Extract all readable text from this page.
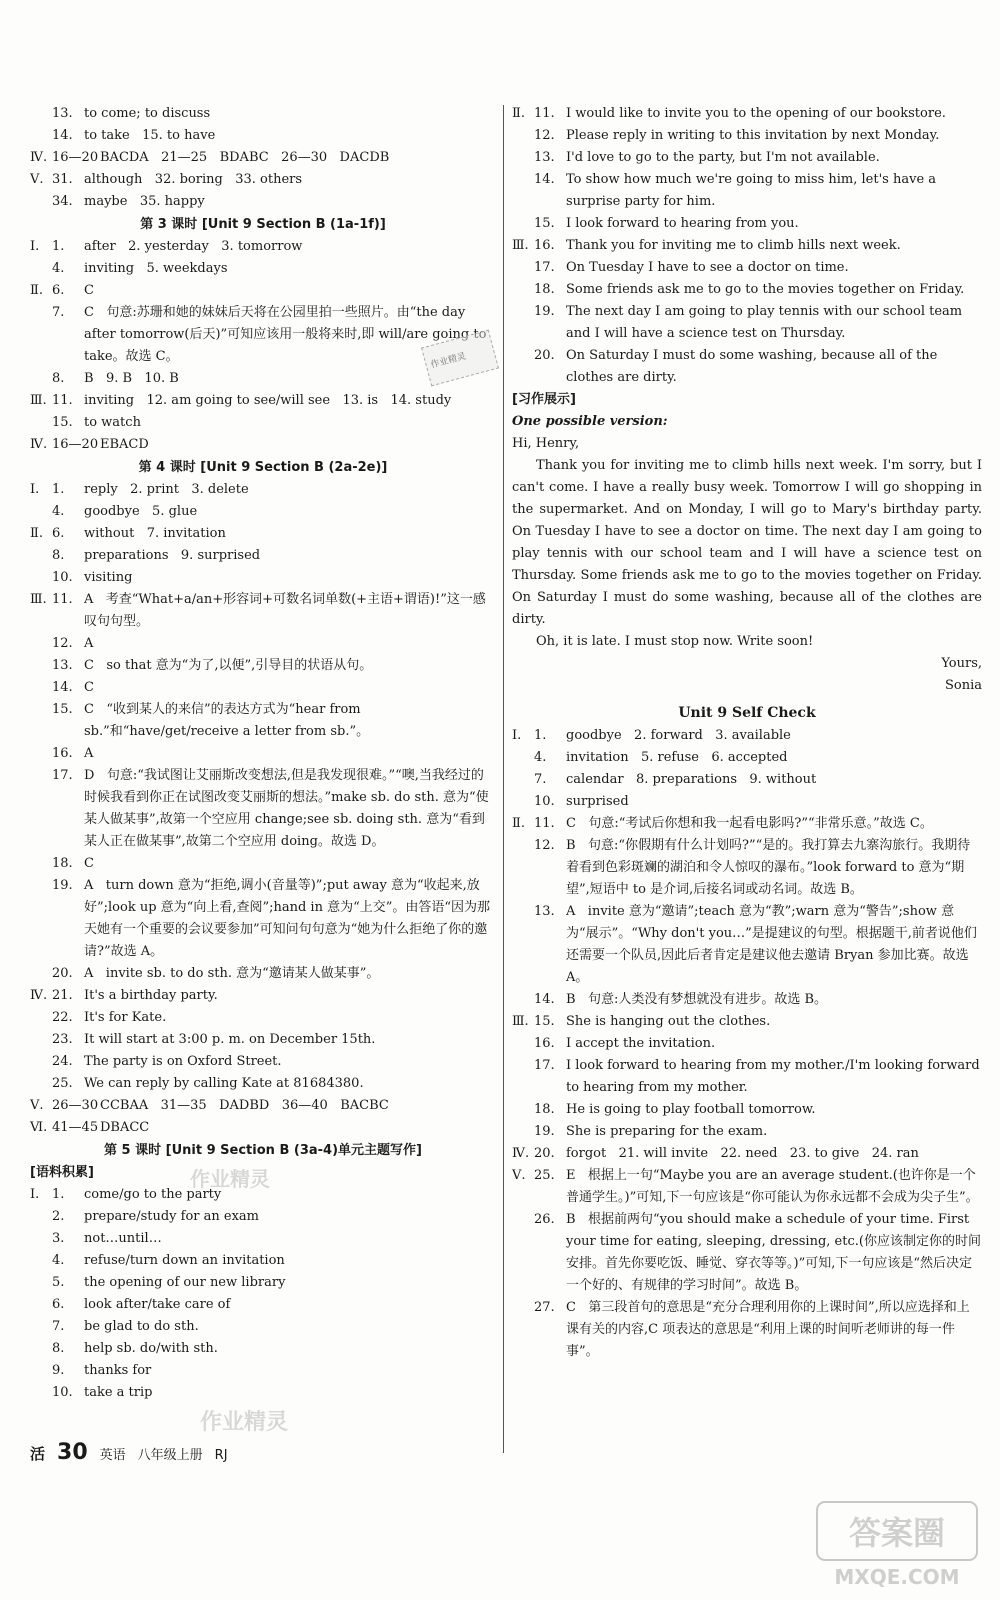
13. to come; to discuss
14. to take   15. to have
Ⅳ. 16—20 BACDA   21—25   BDABC   26—30   DACDB
Ⅴ. 31. although   32. boring   33. others
34. maybe   35. happy
第 3 课时 [Unit 9 Section B (1a-1f)]
Ⅰ. 1.	after   2. yesterday   3. tomorrow
4.	inviting   5. weekdays
Ⅱ. 6.	C
7.	C   句意:苏珊和她的妹妹后天将在公园里拍一些照片。由“the day after tomorrow(后天)”可知应该用一般将来时,即 will/are going to take。故选 C。
8.	B   9. B   10. B
Ⅲ. 11. inviting   12. am going to see/will see   13. is   14. study
15. to watch
Ⅳ. 16—20 EBACD
第 4 课时 [Unit 9 Section B (2a-2e)]
Ⅰ. 1.	reply   2. print   3. delete
4.	goodbye   5. glue
Ⅱ. 6.	without   7. invitation
8.	preparations   9. surprised
10. visiting
Ⅲ. 11. A   考查“What+a/an+形容词+可数名词单数(+主语+谓语)!”这一感叹句句型。
12. A
13. C   so that 意为“为了,以便”,引导目的状语从句。
14. C
15. C   “收到某人的来信”的表达方式为“hear from sb.”和“have/get/receive a letter from sb.”。
16. A
17. D   句意:“我试图让艾丽斯改变想法,但是我发现很难。”“噢,当我经过的时候我看到你正在试图改变艾丽斯的想法。”make sb. do sth. 意为“使某人做某事”,故第一个空应用 change;see sb. doing sth. 意为“看到某人正在做某事”,故第二个空应用 doing。故选 D。
18. C
19. A   turn down 意为“拒绝,调小(音量等)”;put away 意为“收起来,放好”;look up 意为“向上看,查阅”;hand in 意为“上交”。由答语“因为那天她有一个重要的会议要参加”可知问句句意为“她为什么拒绝了你的邀请?”故选 A。
20. A   invite sb. to do sth. 意为“邀请某人做某事”。
Ⅳ. 21. It's a birthday party.
22. It's for Kate.
23. It will start at 3:00 p. m. on December 15th.
24. The party is on Oxford Street.
25. We can reply by calling Kate at 81684380.
Ⅴ. 26—30 CCBAA   31—35   DADBD   36—40   BACBC
Ⅵ. 41—45 DBACC
第 5 课时 [Unit 9 Section B (3a-4)单元主题写作]
[语料积累]
Ⅰ. 1.	come/go to the party
2.	prepare/study for an exam
3.	not…until…
4.	refuse/turn down an invitation
5.	the opening of our new library
6.	look after/take care of
7.	be glad to do sth.
8.	help sb. do/with sth.
9.	thanks for
10. take a trip
Ⅱ. 11. I would like to invite you to the opening of our bookstore.
12. Please reply in writing to this invitation by next Monday.
13. I'd love to go to the party, but I'm not available.
14. To show how much we're going to miss him, let's have a surprise party for him.
15. I look forward to hearing from you.
Ⅲ. 16. Thank you for inviting me to climb hills next week.
17. On Tuesday I have to see a doctor on time.
18. Some friends ask me to go to the movies together on Friday.
19. The next day I am going to play tennis with our school team and I will have a science test on Thursday.
20. On Saturday I must do some washing, because all of the clothes are dirty.
[习作展示]
One possible version:
Hi, Henry,
Thank you for inviting me to climb hills next week. I'm sorry, but I can't come. I have a really busy week. Tomorrow I will go shopping in the supermarket. And on Monday, I will go to Mary's birthday party. On Tuesday I have to see a doctor on time. The next day I am going to play tennis with our school team and I will have a science test on Thursday. Some friends ask me to go to the movies together on Friday. On Saturday I must do some washing, because all of the clothes are dirty.
Oh, it is late. I must stop now. Write soon!
Yours,
Sonia
Unit 9 Self Check
Ⅰ. 1.	goodbye   2. forward   3. available
4.	invitation   5. refuse   6. accepted
7.	calendar   8. preparations   9. without
10. surprised
Ⅱ. 11. C   句意:“考试后你想和我一起看电影吗?”“非常乐意。”故选 C。
12. B   句意:“你假期有什么计划吗?”“是的。我打算去九寨沟旅行。我期待着看到色彩斑斓的湖泊和令人惊叹的瀑布。”look forward to 意为“期望”,短语中 to 是介词,后接名词或动名词。故选 B。
13. A   invite 意为“邀请”;teach 意为“教”;warn 意为“警告”;show 意为“展示”。“Why don't you…”是提建议的句型。根据题干,前者说他们还需要一个队员,因此后者肯定是建议他去邀请 Bryan 参加比赛。故选 A。
14. B   句意:人类没有梦想就没有进步。故选 B。
Ⅲ. 15. She is hanging out the clothes.
16. I accept the invitation.
17. I look forward to hearing from my mother./I'm looking forward to hearing from my mother.
18. He is going to play football tomorrow.
19. She is preparing for the exam.
Ⅳ. 20. forgot   21. will invite   22. need   23. to give   24. ran
Ⅴ. 25. E   根据上一句“Maybe you are an average student.(也许你是一个普通学生。)”可知,下一句应该是“你可能认为你永远都不会成为尖子生”。
26. B   根据前两句“you should make a schedule of your time. First your time for eating, sleeping, dressing, etc.(你应该制定你的时间安排。首先你要吃饭、睡觉、穿衣等等。)”可知,下一句应该是“然后决定一个好的、有规律的学习时间”。故选 B。
27. C   第三段首句的意思是“充分合理利用你的上课时间”,所以应选择和上课有关的内容,C 项表达的意思是“利用上课的时间听老师讲的每一件事”。
作业精灵
作业精灵
作业精灵
活 30 英语 八年级上册 RJ
答案圈
MXQE.COM
